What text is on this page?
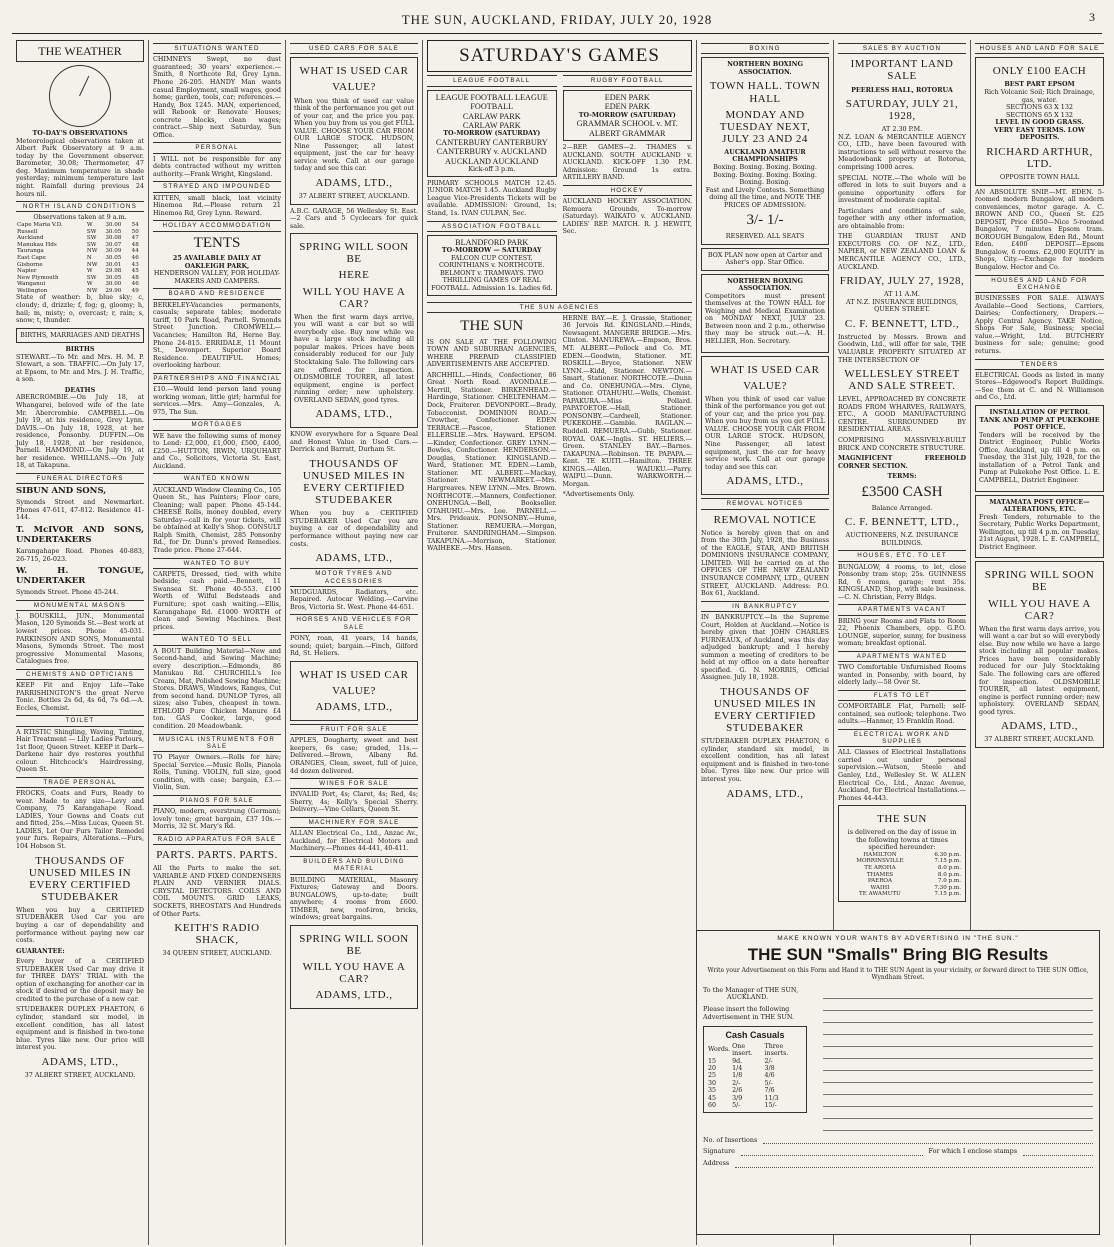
THE SUN, AUCKLAND, FRIDAY, JULY 20, 1928	3
THE WEATHER
TO-DAY'S OBSERVATIONS

Meteorological observations taken at Albert Park Observatory at 9 a.m. today by the Government observer. Barometer, 30.08; Thermometer, 47 deg. Maximum temperature in shade yesterday; minimum temperature last night. Rainfall during previous 24 hours nil.

NORTH ISLAND CONDITIONS
Observations taken at 9 a.m.
Cape Maria V.D.	W	30.00	54
Russell	SW	30.05	50
Auckland	SW	30.08	47
Manukau Hds	SW	30.07	48
Tauranga	NW	30.09	44
East Cape	N	30.05	46
Gisborne	NW	30.01	43
Napier	W	29.98	45
New Plymouth	SW	30.05	48
Wanganui	W	30.00	46
Wellington	NW	29.90	49

State of weather: b, blue sky; c, cloudy; d, drizzle; f, fog; g, gloomy; h, hail; m, misty; o, overcast; r, rain; s, snow; t, thunder.

BIRTHS, MARRIAGES AND DEATHS
BIRTHS

STEWART.—To Mr. and Mrs. H. M. P. Stewart, a son. TRAFFIC.—On July 17, at Epsom, to Mr. and Mrs. J. H. Traffic, a son.

DEATHS

ABERCROMBIE.—On July 18, at Whangarei, beloved wife of the late Mr. Abercrombie. CAMPBELL.—On July 19, at his residence, Grey Lynn. DAVIS.—On July 18, 1928, at her residence, Ponsonby. DUFFIN.—On July 18, 1928, at her residence, Parnell. HAMMOND.—On July 19, at her residence. WHILLANS.—On July 18, at Takapuna.

FUNERAL DIRECTORS

SIBUN AND SONS,

Symonds Street and Newmarket. Phones 47-611, 47-812. Residence 41-144.

T. McIVOR AND SONS, UNDERTAKERS

Karangahape Road. Phones 40-883, 26-715, 26-023.

W. H. TONGUE, UNDERTAKER

Symonds Street. Phone 45-244.

MONUMENTAL MASONS

J. BOUSKILL, JUN., Monumental Mason, 120 Symonds St.—Best work at lowest prices. Phone 45-031. PARKINSON AND SONS, Monumental Masons, Symonds Street. The most progressive Monumental Masons, Catalogues free.

CHEMISTS AND OPTICIANS

KEEP Fit and Enjoy Life—Take PARRISHINGTON'S the great Nerve Tonic. Bottles 2s 6d, 4s 6d, 7s 6d.—A. Eccles, Chemist.

TOILET

A RTISTIC Shingling, Waving, Tinting, Hair Treatment — Lily Ladies Parlours, 1st floor, Queen Street. KEEP it Dark—Darkene hair dye restores youthful colour. Hitchcock's Hairdressing, Queen St.

TRADE PERSONAL

FROCKS, Coats and Furs, Ready to wear. Made to any size—Levy and Company, 75 Karangahape Road. LADIES, Your Gowns and Coats cut and fitted, 25s.—Miss Lucas, Queen St. LADIES, Let Our Furs Tailor Remodel your furs. Repairs, Alterations.—Furs, 104 Hobson St.

THOUSANDS OF
UNUSED MILES IN
EVERY CERTIFIED
STUDEBAKER

When you buy a CERTIFIED STUDEBAKER Used Car you are buying a car of dependability and performance without paying new car costs.

GUARANTEE:

Every buyer of a CERTIFIED STUDEBAKER Used Car may drive it for THREE DAYS' TRIAL with the option of exchanging for another car in stock if desired or the deposit may be credited to the purchase of a new car.

STUDEBAKER DUPLEX PHAETON, 6 cylinder, standard six model, in excellent condition, has all latest equipment and is finished in two-tone blue. Tyres like new. Our price will interest you.

ADAMS, LTD.,
37 ALBERT STREET, AUCKLAND.
SITUATIONS WANTED

CHIMNEYS Swept, no dust guaranteed; 30 years' experience.—Smith, 8 Northcote Rd, Grey Lynn. Phone 26-205. HANDY Man wants casual Employment, small wages, good home; garden, tools, car; references.—Handy, Box 1245. MAN, experienced, will Rebook or Renovate Houses; concrete blocks, clean wages; contract.—Ship next Saturday, Sun Office.

PERSONAL

I WILL not be responsible for any debts contracted without my written authority.—Frank Wright, Kingsland.

STRAYED AND IMPOUNDED

KITTEN, small black, lost vicinity Hinemoa Rd.—Please return 21 Hinemoa Rd, Grey Lynn. Reward.

HOLIDAY ACCOMMODATION
TENTS
25 AVAILABLE DAILY AT OAKLEIGH PARK,
HENDERSON VALLEY, FOR HOLIDAY-MAKERS AND CAMPERS.
BOARD AND RESIDENCE

BERKELEY-Vacancies permanents, casuals; separate tables; moderate tariff, 10 Park Road, Parnell. Symonds Street Junction. CROMWELL—Vacancies; Hamilton Rd, Herne Bay. Phone 24-815. ERRIDALE, 11 Mount St., Devonport. Superior Board Residence. DEAUTIFUL Homes; overlooking harbour.

PARTNERSHIPS AND FINANCIAL

£10.—Would lend person land young working woman, little girl; harmful for services.—Mrs. Amy—Gonzales, A. 975, The Sun.

MORTGAGES

WE have the following sums of money to Lend: £2,000, £1,000, £500, £400, £250.—HUTTON, IRWIN, URQUHART and Co., Solicitors, Victoria St. East, Auckland.

WANTED KNOWN

AUCKLAND Window Cleaning Co., 105 Queen St., has Painters; Floor care, Cleaning; wall paper. Phone 45-144. CHEESE Rolls, money doubled, every Saturday—call in for your tickets, will be obtained at Kelly's Shop. CONSULT Ralph Smith, Chemist, 285 Ponsonby Rd., for Dr. Dunn's proved Remedies. Trade price. Phone 27-644.

WANTED TO BUY

CARPETS, Dressed, tied, with white bedside; cash paid.—Bennett, 11 Swansea St. Phone 40-553. £100 Worth of Wilful Bedsteads and Furniture; spot cash waiting.—Ellis, Karangahape Rd. £1000 WORTH of clean and Sewing Machines. Best prices.

WANTED TO SELL

A BOUT Building Material—New and Second-hand, and Sewing Machine; every description.—Edmonds, 86 Manukau Rd. CHURCHILL's Ice Cream, Mat, Polished Sewing Machine; Stores. DRAWS, Windows, Ranges, Cut from second hand. DUNLOP Tyres, all sizes; also Tubes, cheapest in town. ETHLOID Pure Chicken Manure £4 ton. GAS Cooker, large, good condition. 20 Meadowbank.

MUSICAL INSTRUMENTS FOR SALE

TO Player Owners.—Rolls for hire; Special Service.—Music Rolls, Pianola Rolls, Tuning. VIOLIN, full size, good condition, with case; bargain, £3.—Violin, Sun.

PIANOS FOR SALE

PIANO, modern, overstrung (German); lovely tone; great bargain, £37 10s.—Morris, 32 St. Mary's Rd.

RADIO APPARATUS FOR SALE
PARTS. PARTS. PARTS.

All the Parts to make the set. VARIABLE AND FIXED CONDENSERS PLAIN AND VERNIER DIALS. CRYSTAL DETECTORS. COILS AND COIL MOUNTS. GRID LEAKS, SOCKETS, RHEOSTATS And Hundreds of Other Parts.

KEITH'S RADIO SHACK,
34 QUEEN STREET, AUCKLAND.
USED CARS FOR SALE
WHAT IS USED CAR
VALUE?

When you think of used car value think of the performance you get out of your car, and the price you pay. When you buy from us you get FULL VALUE. CHOOSE YOUR CAR FROM OUR LARGE STOCK. HUDSON, Nine Passenger, all latest equipment, just the car for heavy service work. Call at our garage today and see this car.

ADAMS, LTD.,
37 ALBERT STREET, AUCKLAND.

A.B.C. GARAGE, 56 Wellesley St. East.—2 Cars and 5 Cyclecars for quick sale.

SPRING WILL SOON BE
HERE
WILL YOU HAVE A CAR?

When the first warm days arrive, you will want a car but so will everybody else. Buy now while we have a large stock including all popular makes. Prices have been considerably reduced for our July Stocktaking Sale. The following cars are offered for inspection. OLDSMOBILE TOURER, all latest equipment, engine is perfect running order; new upholstery. OVERLAND SEDAN, good tyres.

ADAMS, LTD.,

KNOW everywhere for a Square Deal and Honest Value in Used Cars.—Derrick and Barratt, Durham St.

THOUSANDS OF
UNUSED MILES IN
EVERY CERTIFIED
STUDEBAKER

When you buy a CERTIFIED STUDEBAKER Used Car you are buying a car of dependability and performance without paying new car costs.

ADAMS, LTD.,
MOTOR TYRES AND ACCESSORIES

MUDGUARDS, Radiators, etc. Repaired. Autocar Welding.—Carvine Bros, Victoria St. West. Phone 44-651.

HORSES AND VEHICLES FOR SALE

PONY, roan, 41 years, 14 hands, sound; quiet; bargain.—Finch, Gilford Rd, St. Heliers.

WHAT IS USED CAR
VALUE?
ADAMS, LTD.,
FRUIT FOR SALE

APPLES, Dougherty, sweet and best keepers, 6s case; graded, 11s.—Delivered.—Brown, Albany Rd. ORANGES, Clean, sweet, full of juice, 4d dozen delivered.

WINES FOR SALE

INVALID Port, 4s; Claret, 4s; Red, 4s; Sherry, 4s; Kelly's Special Sherry. Delivery.—Vine Cellars, Queen St.

MACHINERY FOR SALE

ALLAN Electrical Co., Ltd., Anzac Av., Auckland, for Electrical Motors and Machinery.—Phones 44-441, 40-411.

BUILDERS AND BUILDING MATERIAL

BUILDING MATERIAL, Masonry Fixtures; Gateway and Doors. BUNGALOWS, up-to-date; built anywhere; 4 rooms from £600. TIMBER, new, roof-iron, bricks, windows; great bargains.

SPRING WILL SOON BE
WILL YOU HAVE A CAR?
ADAMS, LTD.,
SATURDAY'S GAMES
LEAGUE FOOTBALL
LEAGUE FOOTBALL LEAGUE FOOTBALL
CARLAW PARK
CARLAW PARK
TO-MORROW (SATURDAY)
CANTERBURY CANTERBURY CANTERBURY v. AUCKLAND AUCKLAND AUCKLAND
Kick-off 3 p.m.

PRIMARY SCHOOLS MATCH 12.45. JUNIOR MATCH 1.45. Auckland Rugby League Vice-Presidents Tickets will be available. ADMISSION: Ground, 1s; Stand, 1s. IVAN CULPAN, Sec.

ASSOCIATION FOOTBALL
BLANDFORD PARK
TO-MORROW — SATURDAY
FALCON CUP CONTEST. CORINTHIANS v. NORTHCOTE. BELMONT v. TRAMWAYS. TWO THRILLING GAMES OF REAL FOOTBALL. Admission 1s. Ladies 6d.
RUGBY FOOTBALL
EDEN PARK
EDEN PARK
TO-MORROW (SATURDAY)
GRAMMAR SCHOOL v. MT. ALBERT GRAMMAR

2—REP. GAMES—2. THAMES v. AUCKLAND. SOUTH AUCKLAND v. AUCKLAND. KICK-OFF 1.30 P.M. Admission: Ground 1s extra. ARTILLERY BAND.

HOCKEY

AUCKLAND HOCKEY ASSOCIATION. Remuera Grounds, To-morrow (Saturday). WAIKATO v. AUCKLAND. LADIES' REP. MATCH. R. J. HEWITT, Sec.

THE SUN AGENCIES
THE SUN

IS ON SALE AT THE FOLLOWING TOWN AND SUBURBAN AGENCIES, WHERE PREPAID CLASSIFIED ADVERTISEMENTS ARE ACCEPTED.

ARCHHILL.—Hinds, Confectioner, 86 Great North Road. AVONDALE.—Merrill, Stationer. BIRKENHEAD.—Hardinge, Stationer. CHELTENHAM.—Dock, Fruiterer. DEVONPORT.—Brady, Tobacconist. DOMINION ROAD.—Crowther, Confectioner. EDEN TERRACE.—Pascoe, Stationer. ELLERSLIE.—Mrs. Hayward. EPSOM.—Kinder, Confectioner. GREY LYNN.—Bowles, Confectioner. HENDERSON.—Douglas, Stationer. KINGSLAND.—Ward, Stationer. MT. EDEN.—Lamb, Stationer. MT. ALBERT.—Mackay, Stationer. NEWMARKET.—Mrs. Hargreaves. NEW LYNN.—Mrs. Brown. NORTHCOTE.—Manners, Confectioner. ONEHUNGA.—Bell, Bookseller. OTAHUHU.—Mrs. Lee. PARNELL.—Mrs. Prideaux. PONSONBY.—Hume, Stationer. REMUERA.—Morgan, Fruiterer. SANDRINGHAM.—Simpson. TAKAPUNA.—Morrison, Stationer. WAIHEKE.—Mrs. Hansen.

HERNE BAY.—E. J. Grassie, Stationer, 36 Jervois Rd. KINGSLAND.—Hinds, Newsagent. MANGERE BRIDGE.—Mrs. Clinton. MANUREWA.—Empson, Bros. MT. ALBERT.—Pollock and Co. MT. EDEN.—Goodwin, Stationer. MT. ROSKILL.—Bryce, Stationer. NEW LYNN.—Kidd, Stationer. NEWTON.—Smart, Stationer. NORTHCOTE.—Dunn and Co. ONEHUNGA.—Mrs. Clyne, Stationer. OTAHUHU.—Wells, Chemist. PAPAKURA.—Miss Pollard. PAPATOETOE.—Hall, Stationer. PONSONBY.—Cardwell, Stationer. PUKEKOHE.—Gamble. RAGLAN.—Ruddell. REMUERA.—Gubb, Stationer. ROYAL OAK.—Inglis. ST. HELIERS.—Green. STANLEY BAY.—Barnes. TAKAPUNA.—Robinson. TE PAPAPA.—Kent. TE KUITI.—Hamilton. THREE KINGS.—Allen. WAIUKU.—Parry. WAIPU.—Dunn. WARKWORTH.—Morgan.

*Advertisements Only.

BOXING
NORTHERN BOXING ASSOCIATION.
TOWN HALL. TOWN HALL
MONDAY AND TUESDAY NEXT, JULY 23 AND 24
AUCKLAND AMATEUR CHAMPIONSHIPS
Boxing. Boxing. Boxing. Boxing. Boxing. Boxing. Boxing. Boxing. Boxing. Boxing.
Fast and Lively Contests. Something doing all the time, and NOTE THE PRICES OF ADMISSION:
3/- 1/-
RESERVED. ALL SEATS
BOX PLAN now open at Carter and Asher's opp. Star Office.
NORTHERN BOXING ASSOCIATION.

Competitors must present themselves at the TOWN HALL for Weighing and Medical Examination on MONDAY NEXT, JULY 23. Between noon and 2 p.m., otherwise they may be struck out.—A. H. HELLIER, Hon. Secretary.

WHAT IS USED CAR
VALUE?

When you think of used car value think of the performance you get out of your car, and the price you pay. When you buy from us you get FULL VALUE. CHOOSE YOUR CAR FROM OUR LARGE STOCK. HUDSON, Nine Passenger, all latest equipment, just the car for heavy service work. Call at our garage today and see this car.

ADAMS, LTD.,
REMOVAL NOTICES
REMOVAL NOTICE

Notice is hereby given that on and from the 30th July, 1928, the Business of the EAGLE, STAR, AND BRITISH DOMINIONS INSURANCE COMPANY, LIMITED. Will be carried on at the OFFICES OF THE NEW ZEALAND INSURANCE COMPANY, LTD., QUEEN STREET, AUCKLAND. Address: P.O. Box 61, Auckland.

IN BANKRUPTCY

IN BANKRUPTCY.—In the Supreme Court, Holden at Auckland.—Notice is hereby given that JOHN CHARLES FURNEAUX, of Auckland, was this day adjudged bankrupt; and I hereby summon a meeting of creditors to be held at my office on a date hereafter specified. G. N. MORRIS, Official Assignee. July 18, 1928.

THOUSANDS OF
UNUSED MILES IN
EVERY CERTIFIED
STUDEBAKER

STUDEBAKER DUPLEX PHAETON, 6 cylinder, standard six model, in excellent condition, has all latest equipment and is finished in two-tone blue. Tyres like new. Our price will interest you.

ADAMS, LTD.,
SALES BY AUCTION
IMPORTANT LAND SALE
PEERLESS HALL, ROTORUA
SATURDAY, JULY 21, 1928,
AT 2.30 P.M.

N.Z. LOAN & MERCANTILE AGENCY CO., LTD., have been favoured with instructions to sell without reserve the Meadowbank property at Rotorua, comprising 1000 acres.

SPECIAL NOTE.—The whole will be offered in lots to suit buyers and a genuine opportunity offers for investment of moderate capital.

Particulars and conditions of sale, together with any other information, are obtainable from:

THE GUARDIAN TRUST AND EXECUTORS CO. OF N.Z., LTD., NAPIER, or NEW ZEALAND LOAN & MERCANTILE AGENCY CO., LTD., AUCKLAND.

FRIDAY, JULY 27, 1928,
AT 11 A.M.
AT N.Z. INSURANCE BUILDINGS, QUEEN STREET.
C. F. BENNETT, LTD.,

Instructed by Messrs. Brown and Goodwin, Ltd., will offer for sale, THE VALUABLE PROPERTY SITUATED AT THE INTERSECTION OF

WELLESLEY STREET AND SALE STREET.

LEVEL, APPROACHED BY CONCRETE ROADS FROM WHARVES, RAILWAYS, ETC., A GOOD MANUFACTURING CENTRE. SURROUNDED BY RESIDENTIAL AREAS.

COMPRISING MASSIVELY-BUILT BRICK AND CONCRETE STRUCTURE.

MAGNIFICENT FREEHOLD CORNER SECTION.

TERMS:
£3500 CASH
Balance Arranged.
C. F. BENNETT, LTD.,
AUCTIONEERS, N.Z. INSURANCE BUILDINGS.
HOUSES, ETC. TO LET

BUNGALOW, 4 rooms, to let, close Ponsonby tram stop; 25s. GUINNESS Rd, 6 rooms, garage; rent 35s. KINGSLAND, Shop, with sale business.—C. N. Christian, Ferry Bldgs.

APARTMENTS VACANT

BRING your Rooms and Flats to Room 22, Phoenix Chambers, opp. G.P.O. LOUNGE, superior, sunny, for business woman; breakfast optional.

APARTMENTS WANTED

TWO Comfortable Unfurnished Rooms wanted in Ponsonby, with board, by elderly lady.—58 Over St.

FLATS TO LET

COMFORTABLE Flat, Parnell; self-contained, sea outlook; telephone. Two adults.—Hanmer, 15 Franklin Road.

ELECTRICAL WORK AND SUPPLIES

ALL Classes of Electrical Installations carried out under personal supervision.—Watson, Steele and Ganley, Ltd., Wellesley St. W. ALLEN Electrical Co., Ltd., Anzac Avenue, Auckland, for Electrical Installations.—Phones 44-443.

THE SUN
is delivered on the day of issue in the following towns at times specified hereunder:
HAMILTON	6.30 p.m.
MORRINSVILLE	7.15 p.m.
TE AROHA	8.0 p.m.
THAMES	8.0 p.m.
PAEROA	7.0 p.m.
WAIHI	7.30 p.m.
TE AWAMUTU	7.15 p.m.
HOUSES AND LAND FOR SALE
ONLY £100 EACH
BEST PART EPSOM
Rich Volcanic Soil; Rich Drainage, gas, water.
SECTIONS 63 X 132
SECTIONS 65 X 132
LEVEL IN GOOD GRASS.
VERY EASY TERMS. LOW DEPOSITS.
RICHARD ARTHUR, LTD.
OPPOSITE TOWN HALL

AN ABSOLUTE SNIP.—MT. EDEN. 5-roomed modern Bungalow, all modern conveniences, motor garage. A. C. BROWN AND CO., Queen St. £25 DEPOSIT, Price £850—Nice 5-roomed Bungalow, 7 minutes Epsom tram. BOROUGH Bungalow, Eden Rd., Mount Eden. £400 DEPOSIT—Epsom Bungalow, 6 rooms. £2,000 EQUITY in Shops, City.—Exchange for modern Bungalow. Hector and Co.

HOUSES AND LAND FOR EXCHANGE

BUSINESSES FOR SALE. ALWAYS Available—Good Sections, Carriers, Dairies; Confectionery, Drapers.—Apply Central Agency. TAKE Notice, Shops For Sale, Business; special value.—Wright, Ltd. BUTCHERY business for sale; genuine; good returns.

TENDERS

ELECTRICAL Goods as listed in many Stores—Edgewood's Report Buildings.—See them at C. and N. Williamson and Co., Ltd.

INSTALLATION OF PETROL TANK AND PUMP AT PUKEKOHE POST OFFICE.

Tenders will be received by the District Engineer, Public Works Office, Auckland, up till 4 p.m. on Tuesday, the 31st July, 1928, for the installation of a Petrol Tank and Pump at Pukekohe Post Office. L. E. CAMPBELL, District Engineer.

MATAMATA POST OFFICE—ALTERATIONS, ETC.

Fresh Tenders, returnable to the Secretary, Public Works Department, Wellington, up till 4 p.m. on Tuesday, 21st August, 1928. L. E. CAMPBELL, District Engineer.

SPRING WILL SOON BE
WILL YOU HAVE A CAR?

When the first warm days arrive, you will want a car but so will everybody else. Buy now while we have a large stock including all popular makes. Prices have been considerably reduced for our July Stocktaking Sale. The following cars are offered for inspection. OLDSMOBILE TOURER, all latest equipment, engine is perfect running order; new upholstery. OVERLAND SEDAN, good tyres.

ADAMS, LTD.,
37 ALBERT STREET, AUCKLAND.
MAKE KNOWN YOUR WANTS BY ADVERTISING IN "THE SUN."
THE SUN "Smalls" Bring BIG Results
Write your Advertisement on this Form and Hand it to THE SUN Agent in your vicinity, or forward direct to THE SUN Office, Wyndham Street.
To the Manager of THE SUN,
AUCKLAND.
Please insert the following Advertisement in THE SUN.
Cash Casuals
Words.	One insert.	Three inserts.
15	9d.	2/-
20	1/4	3/8
25	1/8	4/6
30	2/-	5/-
35	2/6	7/6
45	3/9	11/3
60	5/-	15/-
No. of Insertions
Signature	For which I enclose stamps
Address
